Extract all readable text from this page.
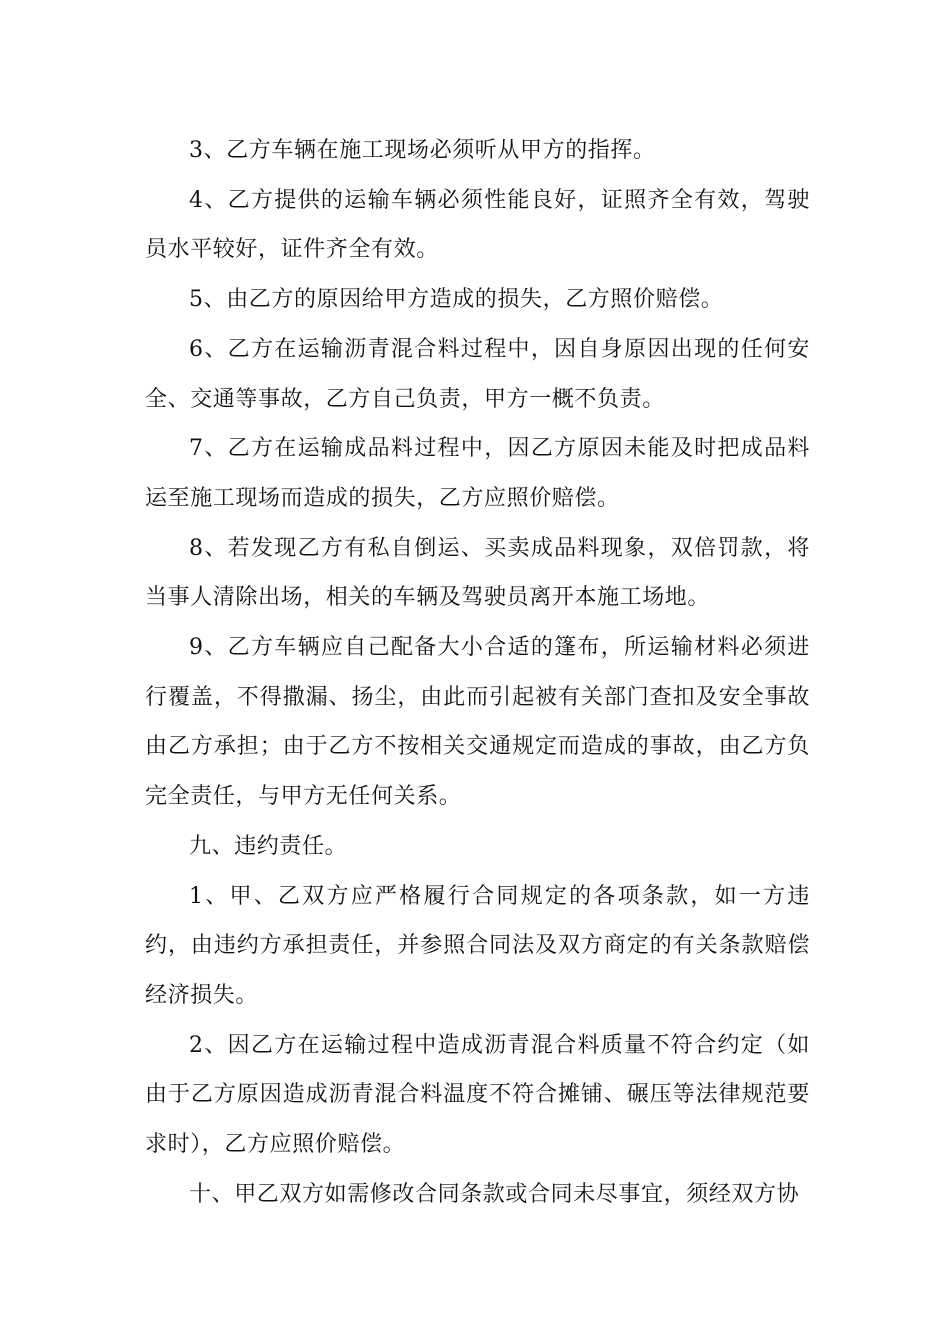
3、乙方车辆在施工现场必须听从甲方的指挥。

4、乙方提供的运输车辆必须性能良好，证照齐全有效，驾驶员水平较好，证件齐全有效。

5、由乙方的原因给甲方造成的损失，乙方照价赔偿。

6、乙方在运输沥青混合料过程中，因自身原因出现的任何安全、交通等事故，乙方自己负责，甲方一概不负责。

7、乙方在运输成品料过程中，因乙方原因未能及时把成品料运至施工现场而造成的损失，乙方应照价赔偿。

8、若发现乙方有私自倒运、买卖成品料现象，双倍罚款，将当事人清除出场，相关的车辆及驾驶员离开本施工场地。

9、乙方车辆应自己配备大小合适的篷布，所运输材料必须进行覆盖，不得撒漏、扬尘，由此而引起被有关部门查扣及安全事故由乙方承担；由于乙方不按相关交通规定而造成的事故，由乙方负完全责任，与甲方无任何关系。

九、违约责任。

1、甲、乙双方应严格履行合同规定的各项条款，如一方违约，由违约方承担责任，并参照合同法及双方商定的有关条款赔偿经济损失。

2、因乙方在运输过程中造成沥青混合料质量不符合约定（如由于乙方原因造成沥青混合料温度不符合摊铺、碾压等法律规范要求时），乙方应照价赔偿。

十、甲乙双方如需修改合同条款或合同未尽事宜，须经双方协
